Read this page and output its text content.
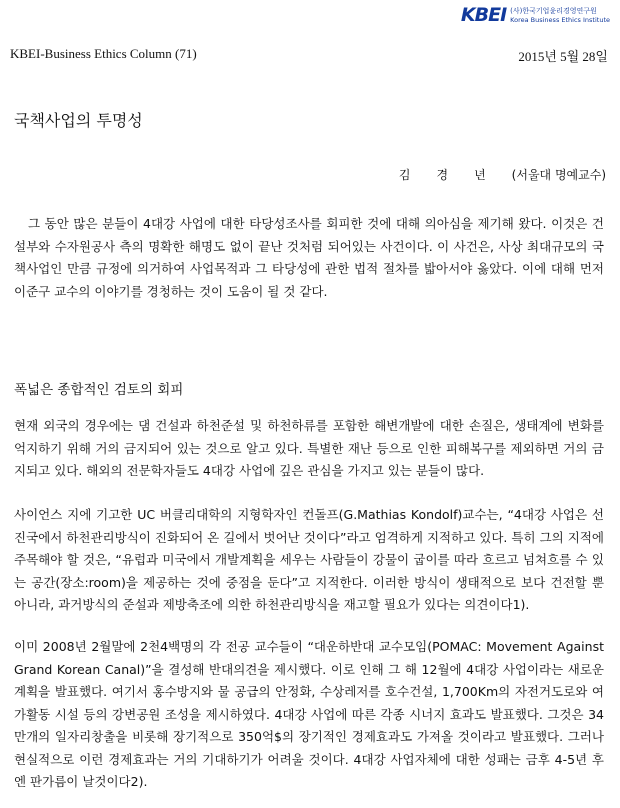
KBEI (사)한국기업윤리경영연구원
Korea Business Ethics Institute
KBEI-Business Ethics Column (71)	2015년 5월 28일
국책사업의 투명성
김경년(서울대 명예교수)

그 동안 많은 분들이 4대강 사업에 대한 타당성조사를 회피한 것에 대해 의아심을 제기해 왔다. 이것은 건설부와 수자원공사 측의 명확한 해명도 없이 끝난 것처럼 되어있는 사건이다. 이 사건은, 사상 최대규모의 국책사업인 만큼 규정에 의거하여 사업목적과 그 타당성에 관한 법적 절차를 밟아서야 옳았다. 이에 대해 먼저 이준구 교수의 이야기를 경청하는 것이 도움이 될 것 같다.

폭넓은 종합적인 검토의 회피

현재 외국의 경우에는 댐 건설과 하천준설 및 하천하류를 포함한 해변개발에 대한 손질은, 생태계에 변화를 억지하기 위해 거의 금지되어 있는 것으로 알고 있다. 특별한 재난 등으로 인한 피해복구를 제외하면 거의 금지되고 있다. 해외의 전문학자들도 4대강 사업에 깊은 관심을 가지고 있는 분들이 많다.

사이언스 지에 기고한 UC 버클리대학의 지형학자인 컨돌프(G.Mathias Kondolf)교수는, “4대강 사업은 선진국에서 하천관리방식이 진화되어 온 길에서 벗어난 것이다”라고 엄격하게 지적하고 있다. 특히 그의 지적에 주목해야 할 것은, “유럽과 미국에서 개발계획을 세우는 사람들이 강물이 굽이를 따라 흐르고 넘쳐흐를 수 있는 공간(장소:room)을 제공하는 것에 중점을 둔다”고 지적한다. 이러한 방식이 생태적으로 보다 건전할 뿐 아니라, 과거방식의 준설과 제방축조에 의한 하천관리방식을 재고할 필요가 있다는 의견이다1).

이미 2008년 2월말에 2천4백명의 각 전공 교수들이 “대운하반대 교수모임(POMAC: Movement Against Grand Korean Canal)”을 결성해 반대의견을 제시했다. 이로 인해 그 해 12월에 4대강 사업이라는 새로운 계획을 발표했다. 여기서 홍수방지와 물 공급의 안정화, 수상레저를 호수건설, 1,700Km의 자전거도로와 여가활동 시설 등의 강변공원 조성을 제시하였다. 4대강 사업에 따른 각종 시너지 효과도 발표했다. 그것은 34만개의 일자리창출을 비롯해 장기적으로 350억$의 장기적인 경제효과도 가져올 것이라고 발표했다. 그러나 현실적으로 이런 경제효과는 거의 기대하기가 어려울 것이다. 4대강 사업자체에 대한 성패는 금후 4-5년 후엔 판가름이 날것이다2).
